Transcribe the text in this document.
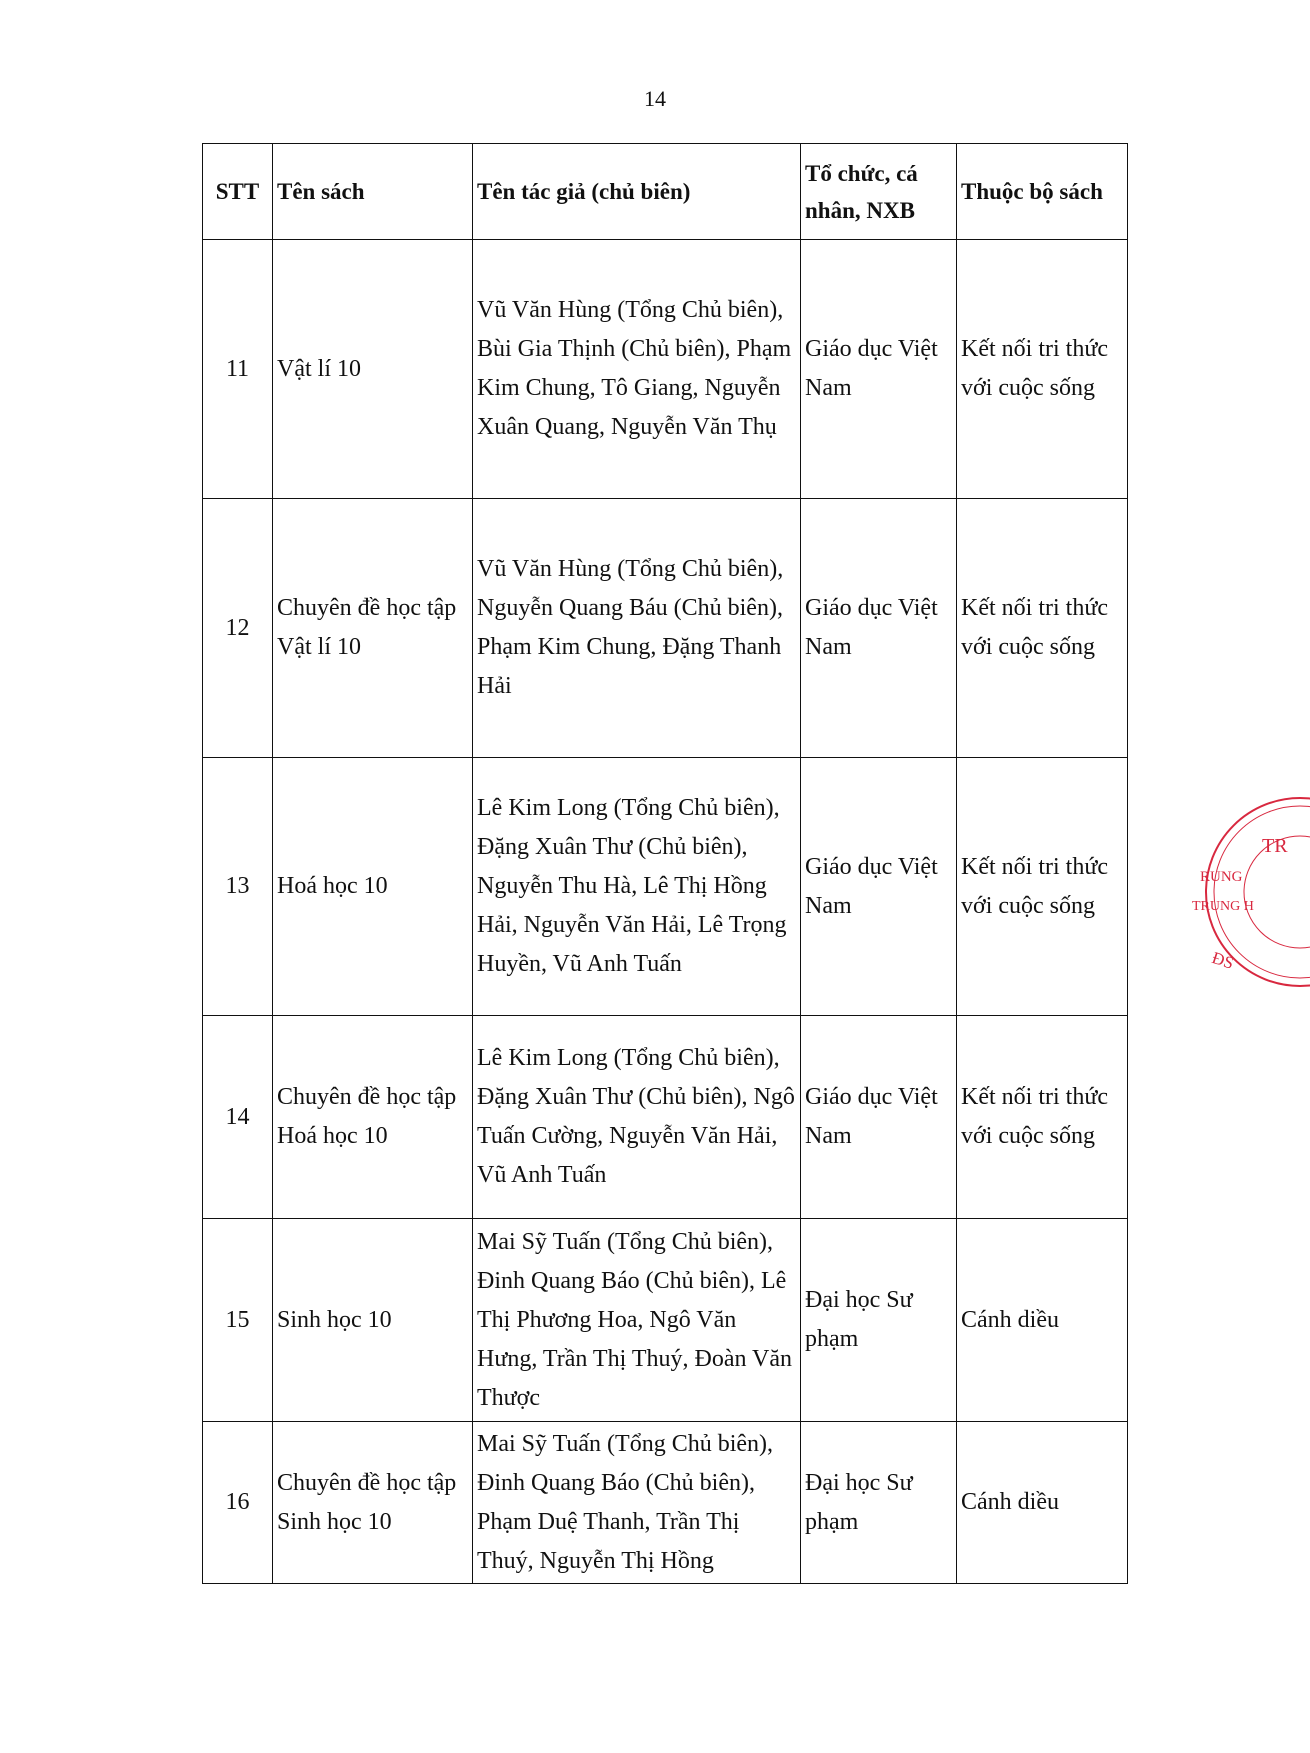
14
STT	Tên sách	Tên tác giả (chủ biên)	Tổ chức, cá nhân, NXB	Thuộc bộ sách
11	Vật lí 10	Vũ Văn Hùng (Tổng Chủ biên), Bùi Gia Thịnh (Chủ biên), Phạm Kim Chung, Tô Giang, Nguyễn Xuân Quang, Nguyễn Văn Thụ	Giáo dục Việt Nam	Kết nối tri thức với cuộc sống
12	Chuyên đề học tập Vật lí 10	Vũ Văn Hùng (Tổng Chủ biên), Nguyễn Quang Báu (Chủ biên), Phạm Kim Chung, Đặng Thanh Hải	Giáo dục Việt Nam	Kết nối tri thức với cuộc sống
13	Hoá học 10	Lê Kim Long (Tổng Chủ biên), Đặng Xuân Thư (Chủ biên), Nguyễn Thu Hà, Lê Thị Hồng Hải, Nguyễn Văn Hải, Lê Trọng Huyền, Vũ Anh Tuấn	Giáo dục Việt Nam	Kết nối tri thức với cuộc sống
14	Chuyên đề học tập Hoá học 10	Lê Kim Long (Tổng Chủ biên), Đặng Xuân Thư (Chủ biên), Ngô Tuấn Cường, Nguyễn Văn Hải, Vũ Anh Tuấn	Giáo dục Việt Nam	Kết nối tri thức với cuộc sống
15	Sinh học 10	Mai Sỹ Tuấn (Tổng Chủ biên), Đinh Quang Báo (Chủ biên), Lê Thị Phương Hoa, Ngô Văn Hưng, Trần Thị Thuý, Đoàn Văn Thược	Đại học Sư phạm	Cánh diều
16	Chuyên đề học tập Sinh học 10	Mai Sỹ Tuấn (Tổng Chủ biên), Đinh Quang Báo (Chủ biên), Phạm Duệ Thanh, Trần Thị Thuý, Nguyễn Thị Hồng	Đại học Sư phạm	Cánh diều
TR
RUNG
TRUNG H
ĐS
